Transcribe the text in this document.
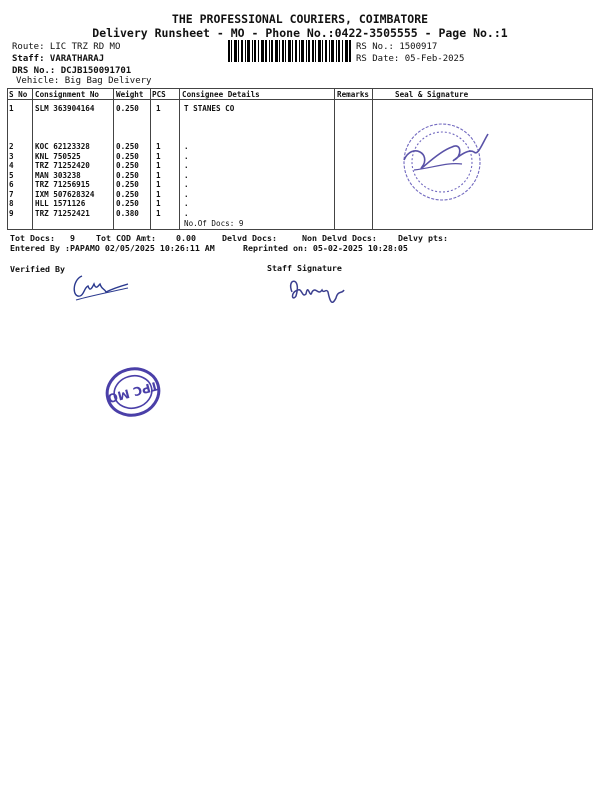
THE PROFESSIONAL COURIERS, COIMBATORE
Delivery Runsheet - MO - Phone No.:0422-3505555 - Page No.:1
Route: LIC TRZ RD MO
Staff: VARATHARAJ
DRS No.: DCJB150091701
Vehicle: Big Bag Delivery
RS No.: 1500917
RS Date: 05-Feb-2025
S No Consignment No Weight PCS Consignee Details	Remarks	Seal & Signature
1	SLM 363904164	0.250 1	T STANES CO
2	KOC 62123328	0.250 1	.
3	KNL 750525	0.250 1	.
4	TRZ 71252420	0.250 1	.
5	MAN 303238	0.250 1	.
6	TRZ 71256915	0.250 1	.
7	IXM 507628324	0.250 1	.
8	HLL 1571126	0.250 1	.
9	TRZ 71252421	0.380 1	.
No.Of Docs: 9
Tot Docs: 9	Tot COD Amt: 0.00	Delvd Docs:	Non Delvd Docs:	Delvy pts:
Entered By :PAPAMO 02/05/2025 10:26:11 AM	Reprinted on: 05-02-2025 10:28:05
Verified By	Staff Signature
TPC MO
